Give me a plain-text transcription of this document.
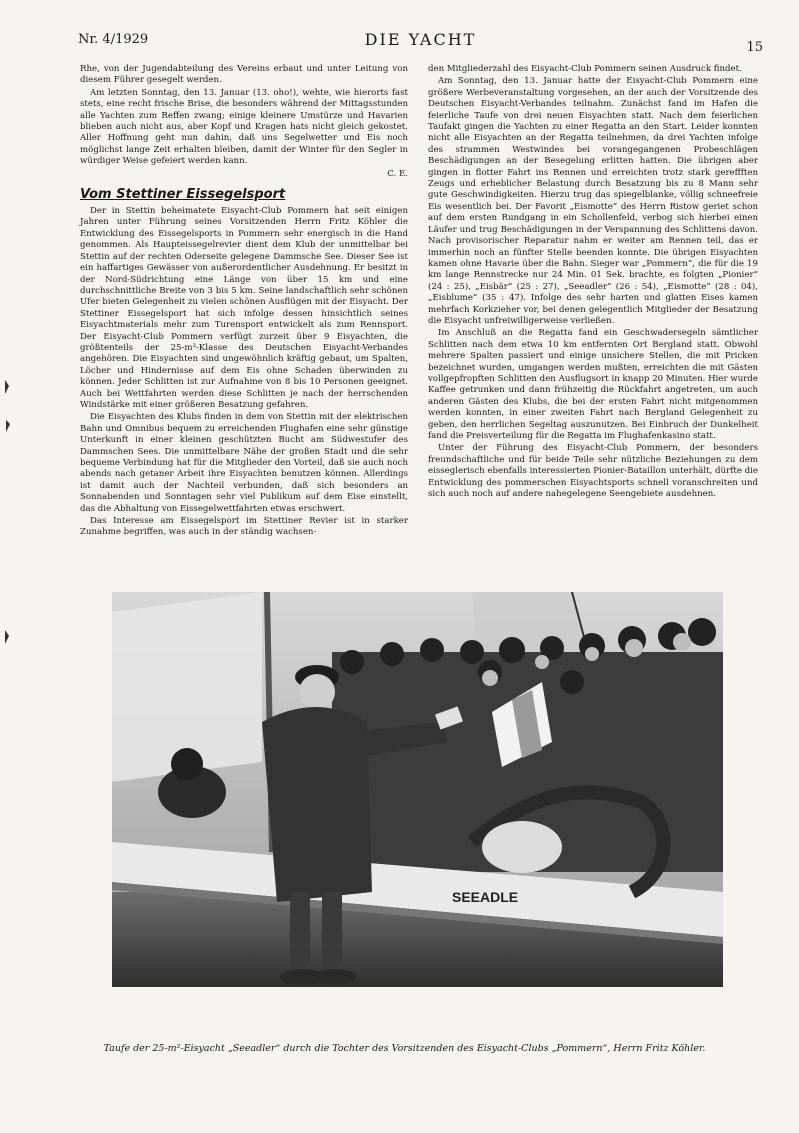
Nr. 4/1929	DIE YACHT	15

Rhe, von der Jugendabteilung des Vereins erbaut und unter Leitung von diesem Führer gesegelt werden.

Am letzten Sonntag, den 13. Januar (13. oho!), wehte, wie hierorts fast stets, eine recht frische Brise, die besonders während der Mittagsstunden alle Yachten zum Reffen zwang; einige kleinere Umstürze und Havarien blieben auch nicht aus, aber Kopf und Kragen hats nicht gleich gekostet. Aller Hoffnung geht nun dahin, daß uns Segelwetter und Eis noch möglichst lange Zeit erhalten bleiben, damit der Winter für den Segler in würdiger Weise gefeiert werden kann.

C. E.
Vom Stettiner Eissegelsport

Der in Stettin beheimatete Eisyacht-Club Pommern hat seit einigen Jahren unter Führung seines Vorsitzenden Herrn Fritz Köhler die Entwicklung des Eissegelsports in Pommern sehr energisch in die Hand genommen. Als Haupteissegelrevier dient dem Klub der unmittelbar bei Stettin auf der rechten Oderseite gelegene Dammsche See. Dieser See ist ein haffartiges Gewässer von außerordentlicher Ausdehnung. Er besitzt in der Nord-Südrichtung eine Länge von über 15 km und eine durchschnittliche Breite von 3 bis 5 km. Seine landschaftlich sehr schönen Ufer bieten Gelegenheit zu vielen schönen Ausflügen mit der Eisyacht. Der Stettiner Eissegelsport hat sich infolge dessen hinsichtlich seines Eisyachtmaterials mehr zum Turensport entwickelt als zum Rennsport. Der Eisyacht-Club Pommern verfügt zurzeit über 9 Eisyachten, die größtenteils der 25-m²-Klasse des Deutschen Eisyacht-Verbandes angehören. Die Eisyachten sind ungewöhnlich kräftig gebaut, um Spalten, Löcher und Hindernisse auf dem Eis ohne Schaden überwinden zu können. Jeder Schlitten ist zur Aufnahme von 8 bis 10 Personen geeignet. Auch bei Wettfahrten werden diese Schlitten je nach der herrschenden Windstärke mit einer größeren Besatzung gefahren.

Die Eisyachten des Klubs finden in dem von Stettin mit der elektrischen Bahn und Omnibus bequem zu erreichenden Flughafen eine sehr günstige Unterkunft in einer kleinen geschützten Bucht am Südwestufer des Dammschen Sees. Die unmittelbare Nähe der großen Stadt und die sehr bequeme Verbindung hat für die Mitglieder den Vorteil, daß sie auch noch abends nach getaner Arbeit ihre Eisyachten benutzen können. Allerdings ist damit auch der Nachteil verbunden, daß sich besonders an Sonnabenden und Sonntagen sehr viel Publikum auf dem Eise einstellt, das die Abhaltung von Eissegelwettfahrten etwas erschwert.

Das Interesse am Eissegelsport im Stettiner Revier ist in starker Zunahme begriffen, was auch in der ständig wachsen-

den Mitgliederzahl des Eisyacht-Club Pommern seinen Ausdruck findet.

Am Sonntag, den 13. Januar hatte der Eisyacht-Club Pommern eine größere Werbeveranstaltung vorgesehen, an der auch der Vorsitzende des Deutschen Eisyacht-Verbandes teilnahm. Zunächst fand im Hafen die feierliche Taufe von drei neuen Eisyachten statt. Nach dem feierlichen Taufakt gingen die Yachten zu einer Regatta an den Start. Leider konnten nicht alle Eisyachten an der Regatta teilnehmen, da drei Yachten infolge des strammen Westwindes bei vorangegangenen Probeschlägen Beschädigungen an der Besegelung erlitten hatten. Die übrigen aber gingen in flotter Fahrt ins Rennen und erreichten trotz stark gereffften Zeugs und erheblicher Belastung durch Besatzung bis zu 8 Mann sehr gute Geschwindigkeiten. Hierzu trug das spiegelblanke, völlig schneefreie Eis wesentlich bei. Der Favorit „Eismotte“ des Herrn Ristow geriet schon auf dem ersten Rundgang in ein Schollenfeld, verbog sich hierbei einen Läufer und trug Beschädigungen in der Verspannung des Schlittens davon. Nach provisorischer Reparatur nahm er weiter am Rennen teil, das er immerhin noch an fünfter Stelle beenden konnte. Die übrigen Eisyachten kamen ohne Havarie über die Bahn. Sieger war „Pommern“, die für die 19 km lange Rennstrecke nur 24 Min. 01 Sek. brachte, es folgten „Pionier“ (24 : 25), „Eisbär“ (25 : 27), „Seeadler“ (26 : 54), „Eismotte“ (28 : 04), „Eisblume“ (35 : 47). Infolge des sehr harten und glatten Eises kamen mehrfach Korkzieher vor, bei denen gelegentlich Mitglieder der Besatzung die Eisyacht unfreiwilligerweise verließen.

Im Anschluß an die Regatta fand ein Geschwadersegeln sämtlicher Schlitten nach dem etwa 10 km entfernten Ort Bergland statt. Obwohl mehrere Spalten passiert und einige unsichere Stellen, die mit Pricken bezeichnet wurden, umgangen werden mußten, erreichten die mit Gästen vollgepfropften Schlitten den Ausflugsort in knapp 20 Minuten. Hier wurde Kaffee getrunken und dann frühzeitig die Rückfahrt angetreten, um auch anderen Gästen des Klubs, die bei der ersten Fahrt nicht mitgenommen werden konnten, in einer zweiten Fahrt nach Bergland Gelegenheit zu geben, den herrlichen Segeltag auszunutzen. Bei Einbruch der Dunkelheit fand die Preisverteilung für die Regatta im Flughafenkasino statt.

Unter der Führung des Eisyacht-Club Pommern, der besonders freundschaftliche und für beide Teile sehr nützliche Beziehungen zu dem eisseglerisch ebenfalls interessierten Pionier-Bataillon unterhält, dürfte die Entwicklung des pommerschen Eisyachtsports schnell voranschreiten und sich auch noch auf andere nahegelegene Seengebiete ausdehnen.

SEEADLE
Taufe der 25-m²-Eisyacht „Seeadler“ durch die Tochter des Vorsitzenden des Eisyacht-Clubs „Pommern“, Herrn Fritz Köhler.
